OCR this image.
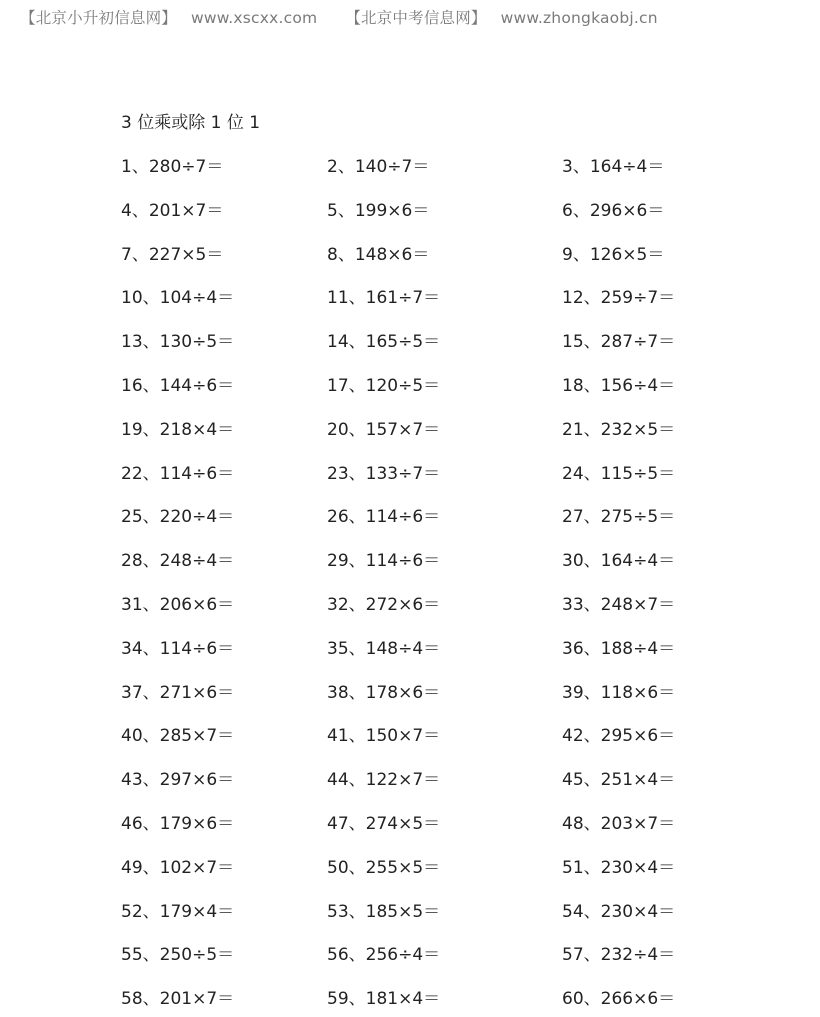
【北京小升初信息网】 www.xscxx.com 【北京中考信息网】 www.zhongkaobj.cn
3 位乘或除 1 位 1
1、280÷7＝	2、140÷7＝	3、164÷4＝
4、201×7＝	5、199×6＝	6、296×6＝
7、227×5＝	8、148×6＝	9、126×5＝
10、104÷4＝	11、161÷7＝	12、259÷7＝
13、130÷5＝	14、165÷5＝	15、287÷7＝
16、144÷6＝	17、120÷5＝	18、156÷4＝
19、218×4＝	20、157×7＝	21、232×5＝
22、114÷6＝	23、133÷7＝	24、115÷5＝
25、220÷4＝	26、114÷6＝	27、275÷5＝
28、248÷4＝	29、114÷6＝	30、164÷4＝
31、206×6＝	32、272×6＝	33、248×7＝
34、114÷6＝	35、148÷4＝	36、188÷4＝
37、271×6＝	38、178×6＝	39、118×6＝
40、285×7＝	41、150×7＝	42、295×6＝
43、297×6＝	44、122×7＝	45、251×4＝
46、179×6＝	47、274×5＝	48、203×7＝
49、102×7＝	50、255×5＝	51、230×4＝
52、179×4＝	53、185×5＝	54、230×4＝
55、250÷5＝	56、256÷4＝	57、232÷4＝
58、201×7＝	59、181×4＝	60、266×6＝
